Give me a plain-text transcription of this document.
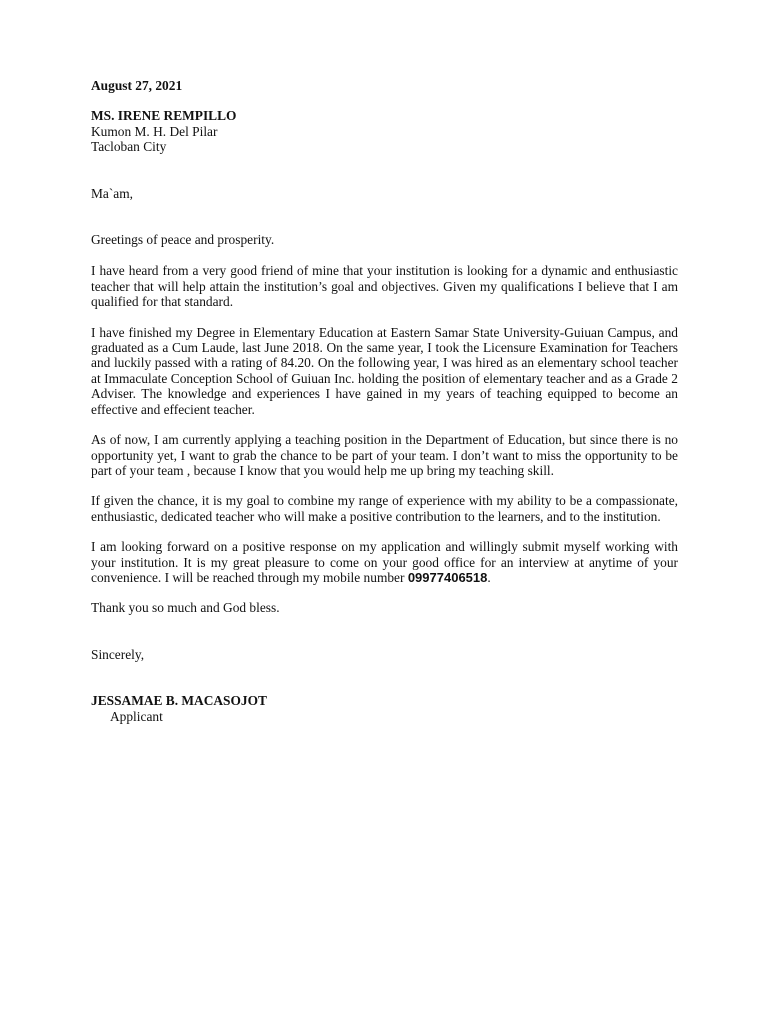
August 27, 2021
MS. IRENE REMPILLO
Kumon M. H. Del Pilar
Tacloban City
Ma`am,
Greetings of peace and prosperity.

I have heard from a very good friend of mine that your institution is looking for a dynamic and enthusiastic teacher that will help attain the institution’s goal and objectives. Given my qualifications I believe that I am qualified for that standard.

I have finished my Degree in Elementary Education at Eastern Samar State University-Guiuan Campus, and graduated as a Cum Laude, last June 2018. On the same year, I took the Licensure Examination for Teachers and luckily passed with a rating of 84.20. On the following year, I was hired as an elementary school teacher at Immaculate Conception School of Guiuan Inc. holding the position of elementary teacher and as a Grade 2 Adviser. The knowledge and experiences I have gained in my years of teaching equipped to become an effective and effecient teacher.

As of now, I am currently applying a teaching position in the Department of Education, but since there is no opportunity yet, I want to grab the chance to be part of your team. I don’t want to miss the opportunity to be part of your team , because I know that you would help me up bring my teaching skill.

If given the chance, it is my goal to combine my range of experience with my ability to be a compassionate, enthusiastic, dedicated teacher who will make a positive contribution to the learners, and to the institution.

I am looking forward on a positive response on my application and willingly submit myself working with your institution. It is my great pleasure to come on your good office for an interview at anytime of your convenience. I will be reached through my mobile number 09977406518.

Thank you so much and God bless.
Sincerely,
JESSAMAE B. MACASOJOT
Applicant
